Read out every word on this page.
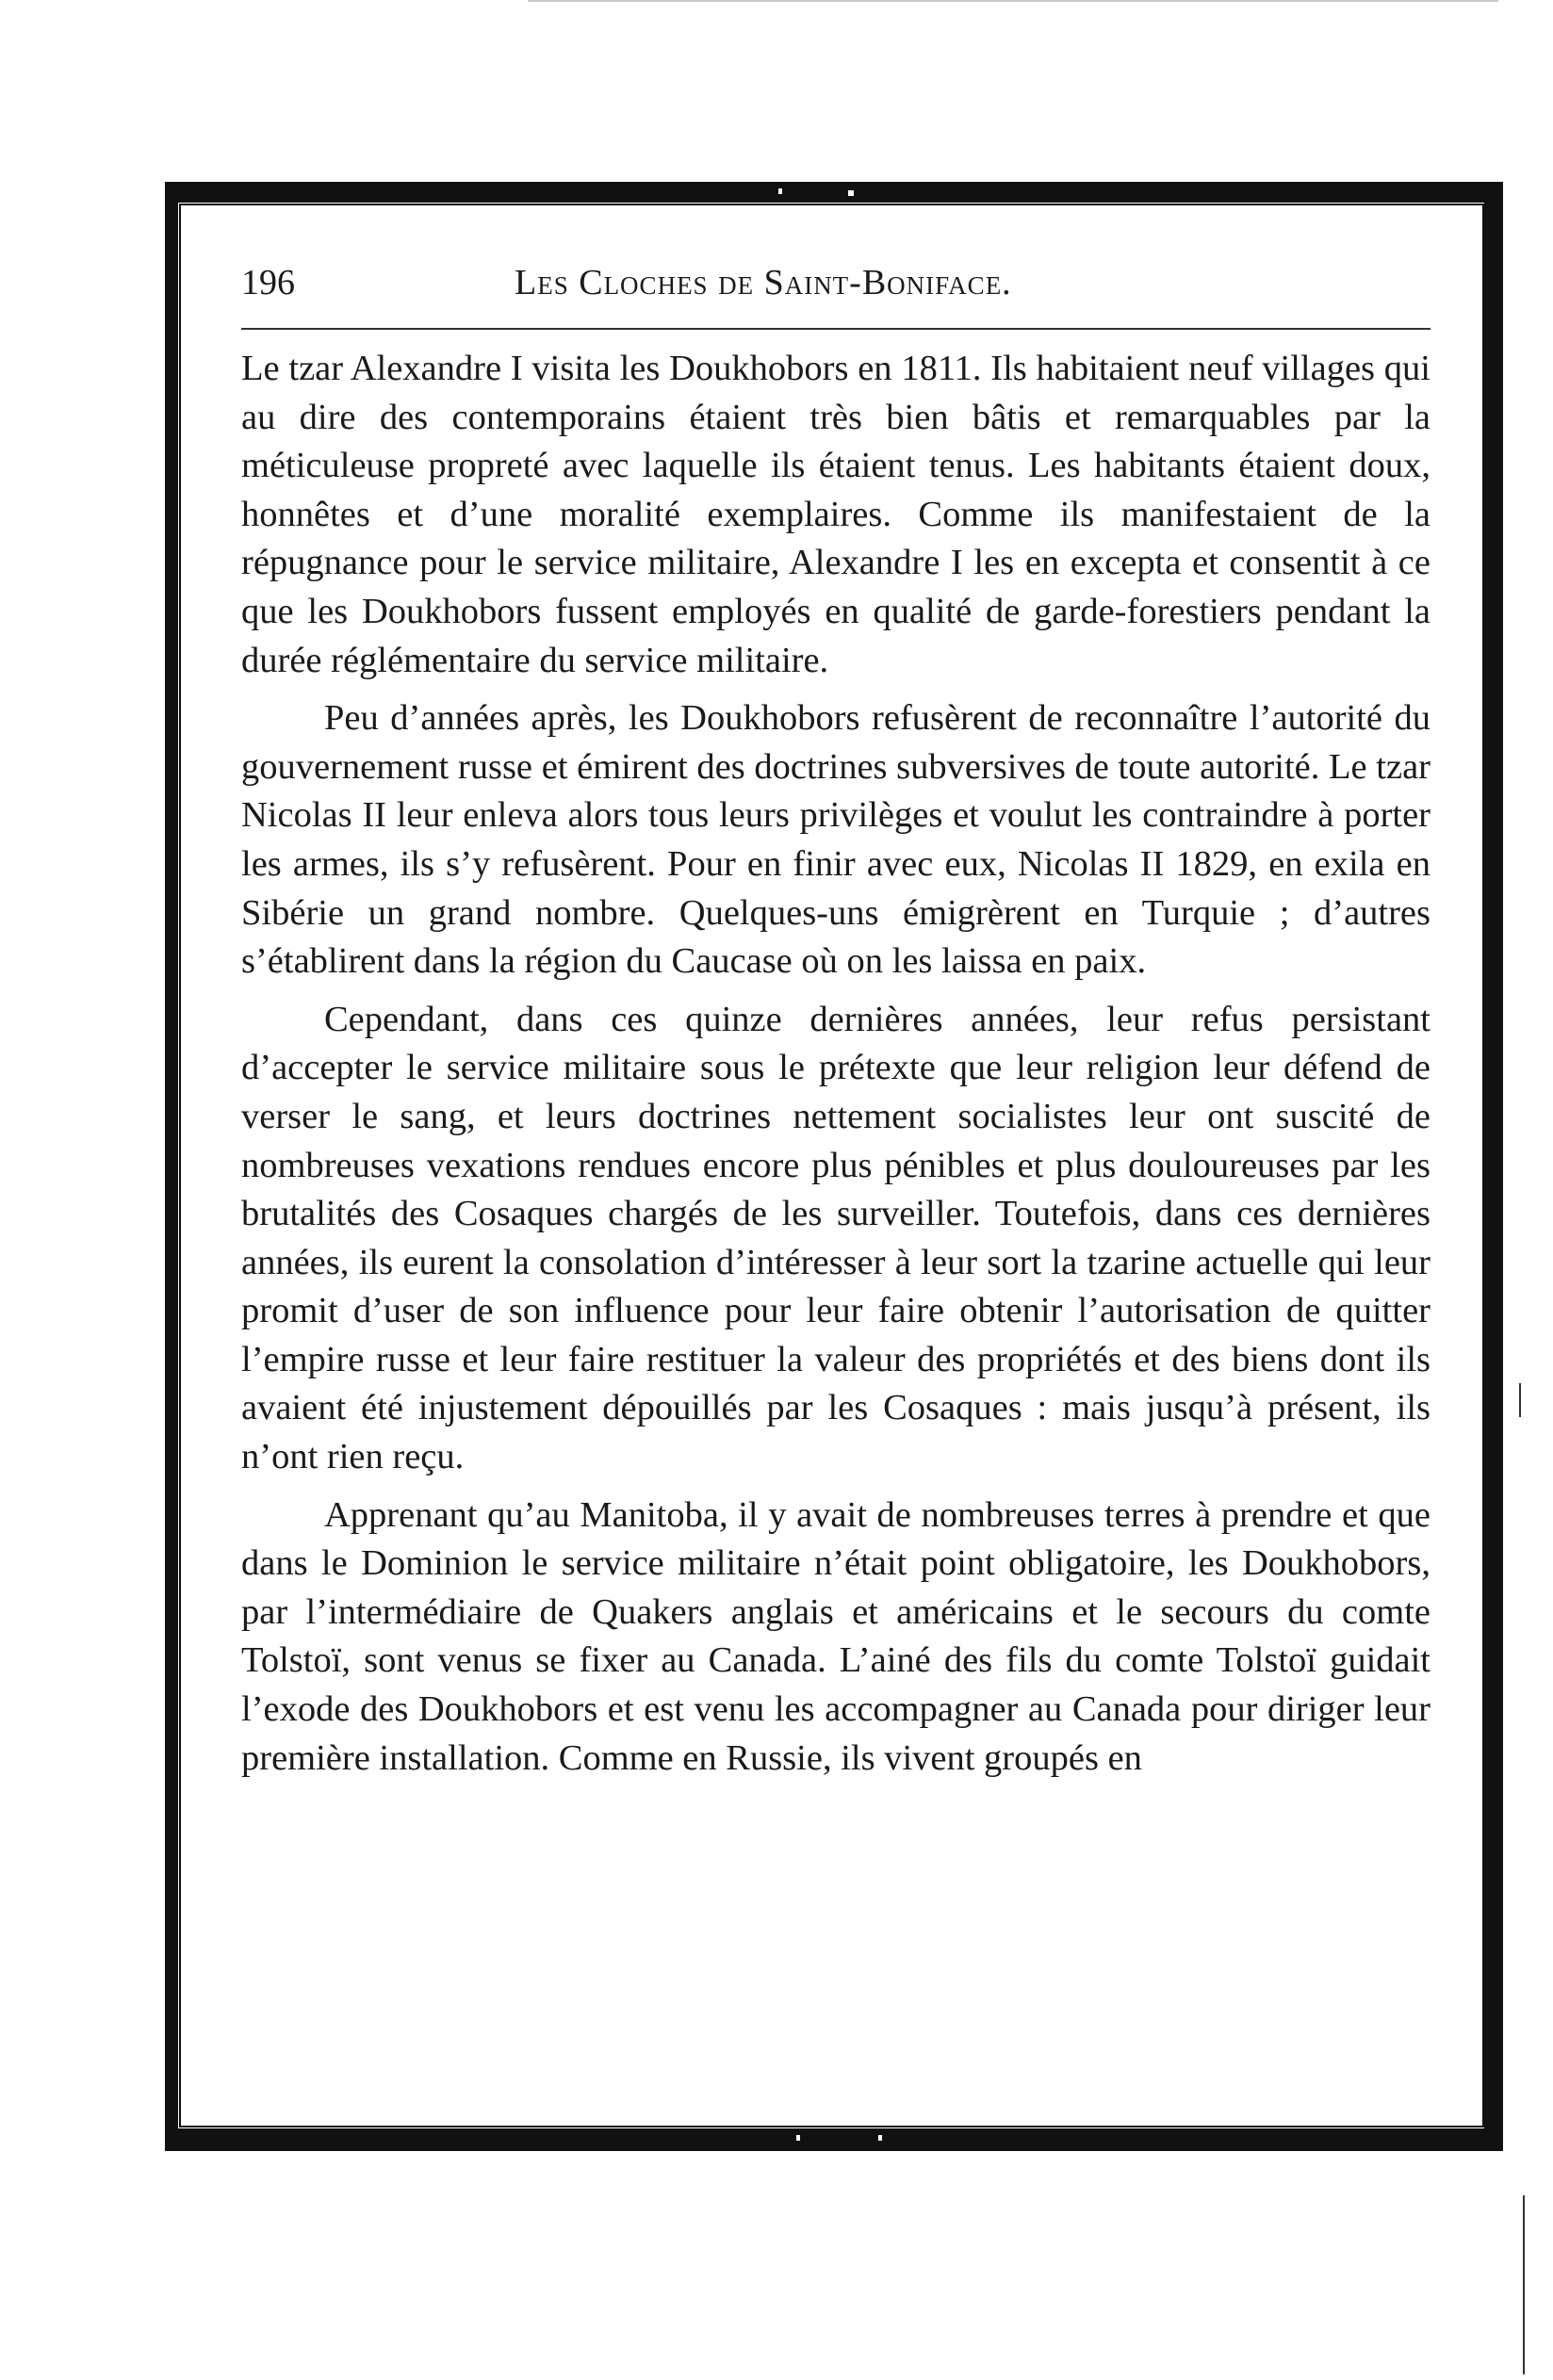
196	Les Cloches de Saint-Boniface.

Le tzar Alexandre I visita les Doukhobors en 1811. Ils habitaient neuf villages qui au dire des contemporains étaient très bien bâtis et remarquables par la méticuleuse propreté avec laquelle ils étaient tenus. Les habitants étaient doux, honnêtes et d’une moralité exemplaires. Comme ils manifestaient de la répugnance pour le service militaire, Alexandre I les en excepta et consentit à ce que les Doukhobors fussent employés en qualité de garde-forestiers pendant la durée réglémentaire du service militaire.

Peu d’années après, les Doukhobors refusèrent de reconnaître l’autorité du gouvernement russe et émirent des doctrines subversives de toute autorité. Le tzar Nicolas II leur enleva alors tous leurs privilèges et voulut les contraindre à porter les armes, ils s’y refusèrent. Pour en finir avec eux, Nicolas II 1829, en exila en Sibérie un grand nombre. Quelques-uns émigrèrent en Turquie ; d’autres s’établirent dans la région du Caucase où on les laissa en paix.

Cependant, dans ces quinze dernières années, leur refus persistant d’accepter le service militaire sous le prétexte que leur religion leur défend de verser le sang, et leurs doctrines nettement socialistes leur ont suscité de nombreuses vexations rendues encore plus pénibles et plus douloureuses par les brutalités des Cosaques chargés de les surveiller. Toutefois, dans ces dernières années, ils eurent la consolation d’intéresser à leur sort la tzarine actuelle qui leur promit d’user de son influence pour leur faire obtenir l’autorisation de quitter l’empire russe et leur faire restituer la valeur des propriétés et des biens dont ils avaient été injustement dépouillés par les Cosaques : mais jusqu’à présent, ils n’ont rien reçu.

Apprenant qu’au Manitoba, il y avait de nombreuses terres à prendre et que dans le Dominion le service militaire n’était point obligatoire, les Doukhobors, par l’intermédiaire de Quakers anglais et américains et le secours du comte Tolstoï, sont venus se fixer au Canada. L’ainé des fils du comte Tolstoï guidait l’exode des Doukhobors et est venu les accompagner au Canada pour diriger leur première installation. Comme en Russie, ils vivent groupés en
